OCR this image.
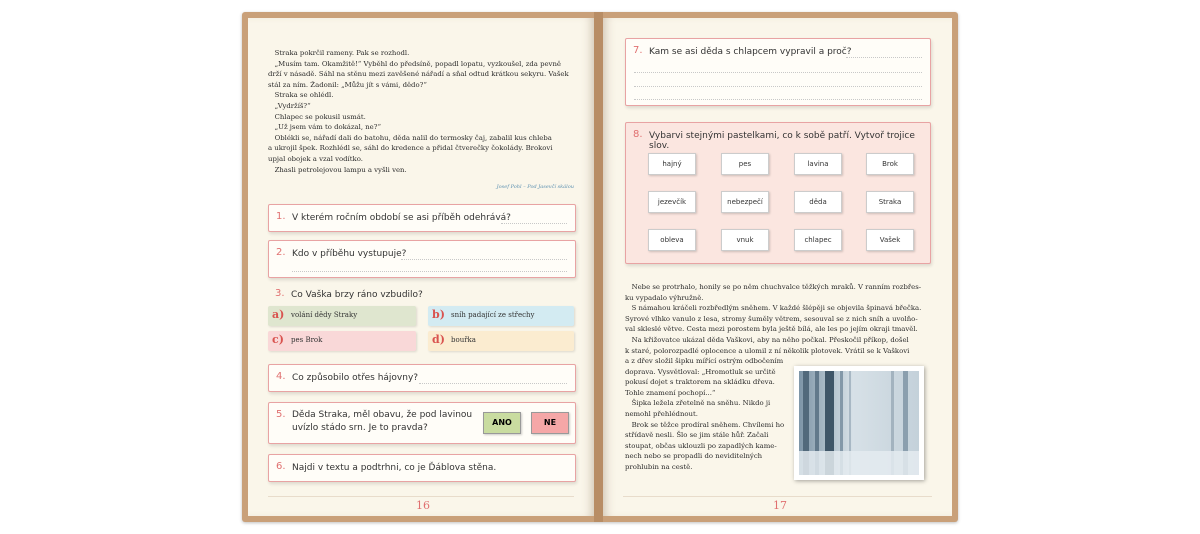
Straka pokrčil rameny. Pak se rozhodl.

„Musím tam. Okamžitě!“ Vyběhl do předsíně, popadl lopatu, vyzkoušel, zda pevně

drží v násadě. Sáhl na stěnu mezi zavěšené nářadí a sňal odtud krátkou sekyru. Vašek

stál za ním. Žadonil: „Můžu jít s vámi, dědo?“

Straka se ohlédl.

„Vydržíš?“

Chlapec se pokusil usmát.

„Už jsem vám to dokázal, ne?“

Oblékli se, nářadí dali do batohu, děda nalil do termosky čaj, zabalil kus chleba

a ukrojil špek. Rozhlédl se, sáhl do kredence a přidal čtverečky čokolády. Brokovi

upjal obojek a vzal vodítko.

Zhasli petrolejovou lampu a vyšli ven.

Josef Pohl – Pod Jasevčí skálou
1. V kterém ročním období se asi příběh odehrává?
2. Kdo v příběhu vystupuje?
3. Co Vaška brzy ráno vzbudilo?
a) volání dědy Straky	b) sníh padající ze střechy
c) pes Brok	d) bouřka
4. Co způsobilo otřes hájovny?
5. Děda Straka, měl obavu, že pod lavinou
uvízlo stádo srn. Je to pravda?
ANO	NE
6. Najdi v textu a podtrhni, co je Ďáblova stěna.
16
7. Kam se asi děda s chlapcem vypravil a proč?
8. Vybarvi stejnými pastelkami, co k sobě patří. Vytvoř trojice slov.
hajný	pes	lavina	Brok
jezevčík	nebezpečí	děda	Straka
obleva	vnuk	chlapec	Vašek

Nebe se protrhalo, honily se po něm chuchvalce těžkých mraků. V ranním rozbřes-

ku vypadalo výhružně.

S námahou kráčeli rozbředlým sněhem. V každé šlépěji se objevila špinavá břečka.

Syrové vlhko vanulo z lesa, stromy šuměly větrem, sesouval se z nich sníh a uvolňo-

val skleslé větve. Cesta mezi porostem byla ještě bílá, ale les po jejím okraji tmavěl.

Na křižovatce ukázal děda Vaškovi, aby na něho počkal. Přeskočil příkop, došel

k staré, polorozpadlé oplocence a ulomil z ní několik plotovek. Vrátil se k Vaškovi

a z dřev složil šipku mířící ostrým odbočením

doprava. Vysvětloval: „Hromotluk se určitě

pokusí dojet s traktorem na skládku dřeva.

Tohle znamení pochopí...“

Šipka ležela zřetelně na sněhu. Nikdo ji

nemohl přehlédnout.

Brok se těžce prodíral sněhem. Chvílemi ho

střídavě nesli. Šlo se jim stále hůř. Začali

stoupat, občas uklouzli po zapadlých kame-

nech nebo se propadli do neviditelných

prohlubin na cestě.

17
